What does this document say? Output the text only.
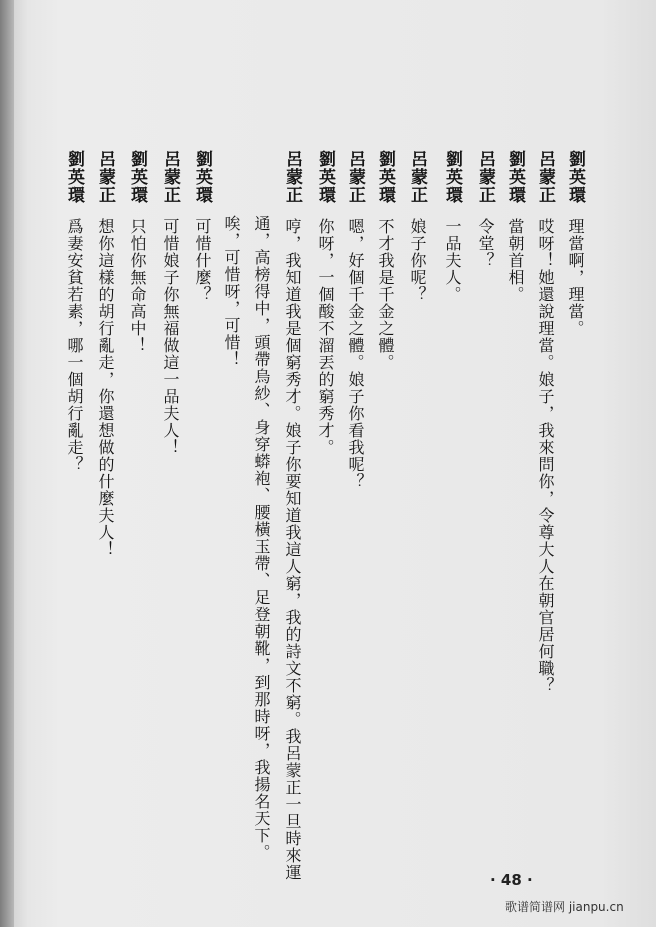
劉英環理當啊，理當。
呂蒙正哎呀！她還說理當。娘子，我來問你，令尊大人在朝官居何職？
劉英環當朝首相。
呂蒙正令堂？
劉英環一品夫人。
呂蒙正娘子你呢？
劉英環不才我是千金之體。
呂蒙正嗯，好個千金之體。娘子你看我呢？
劉英環你呀，一個酸不溜丟的窮秀才。
呂蒙正哼，我知道我是個窮秀才。娘子你要知道我這人窮，我的詩文不窮。我呂蒙正一旦時來運
通，高榜得中，頭帶烏紗、身穿蟒袍、腰橫玉帶、足登朝靴，到那時呀，我揚名天下。
唉，可惜呀，可惜！
劉英環可惜什麼？
呂蒙正可惜娘子你無福做這一品夫人！
劉英環只怕你無命高中！
呂蒙正想你這樣的胡行亂走，你還想做的什麼夫人！
劉英環爲妻安貧若素，哪一個胡行亂走？
· 48 ·
歌谱简谱网 jianpu.cn
